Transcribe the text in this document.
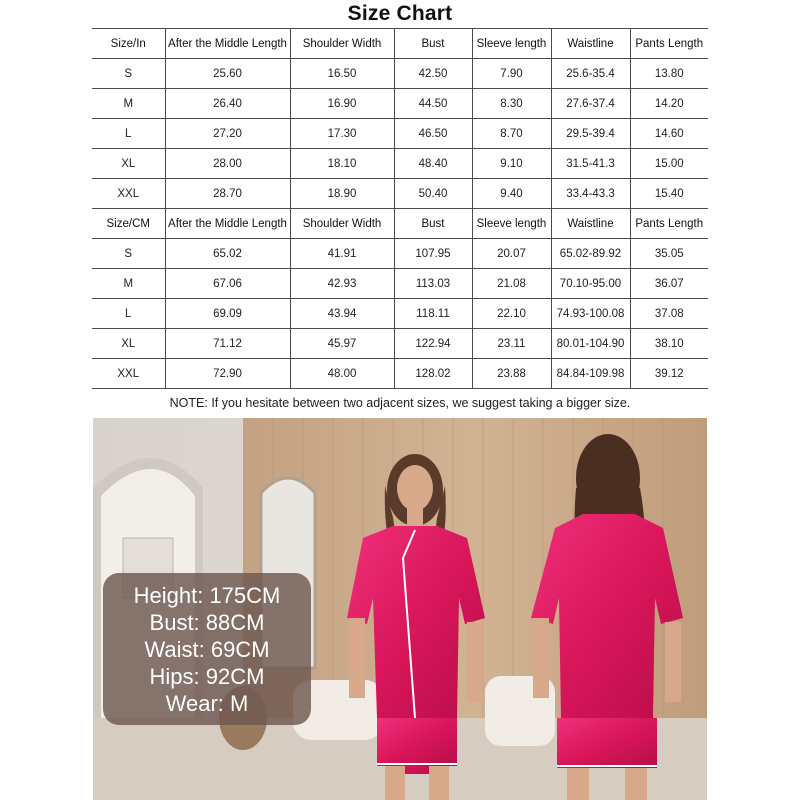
Size Chart
Size/In	After the Middle Length	Shoulder Width	Bust	Sleeve length	Waistline	Pants Length
S	25.60	16.50	42.50	7.90	25.6-35.4	13.80
M	26.40	16.90	44.50	8.30	27.6-37.4	14.20
L	27.20	17.30	46.50	8.70	29.5-39.4	14.60
XL	28.00	18.10	48.40	9.10	31.5-41.3	15.00
XXL	28.70	18.90	50.40	9.40	33.4-43.3	15.40
Size/CM	After the Middle Length	Shoulder Width	Bust	Sleeve length	Waistline	Pants Length
S	65.02	41.91	107.95	20.07	65.02-89.92	35.05
M	67.06	42.93	113.03	21.08	70.10-95.00	36.07
L	69.09	43.94	118.11	22.10	74.93-100.08	37.08
XL	71.12	45.97	122.94	23.11	80.01-104.90	38.10
XXL	72.90	48.00	128.02	23.88	84.84-109.98	39.12
NOTE: If you hesitate between two adjacent sizes, we suggest taking a bigger size.
Height: 175CM
Bust: 88CM
Waist: 69CM
Hips: 92CM
Wear: M
